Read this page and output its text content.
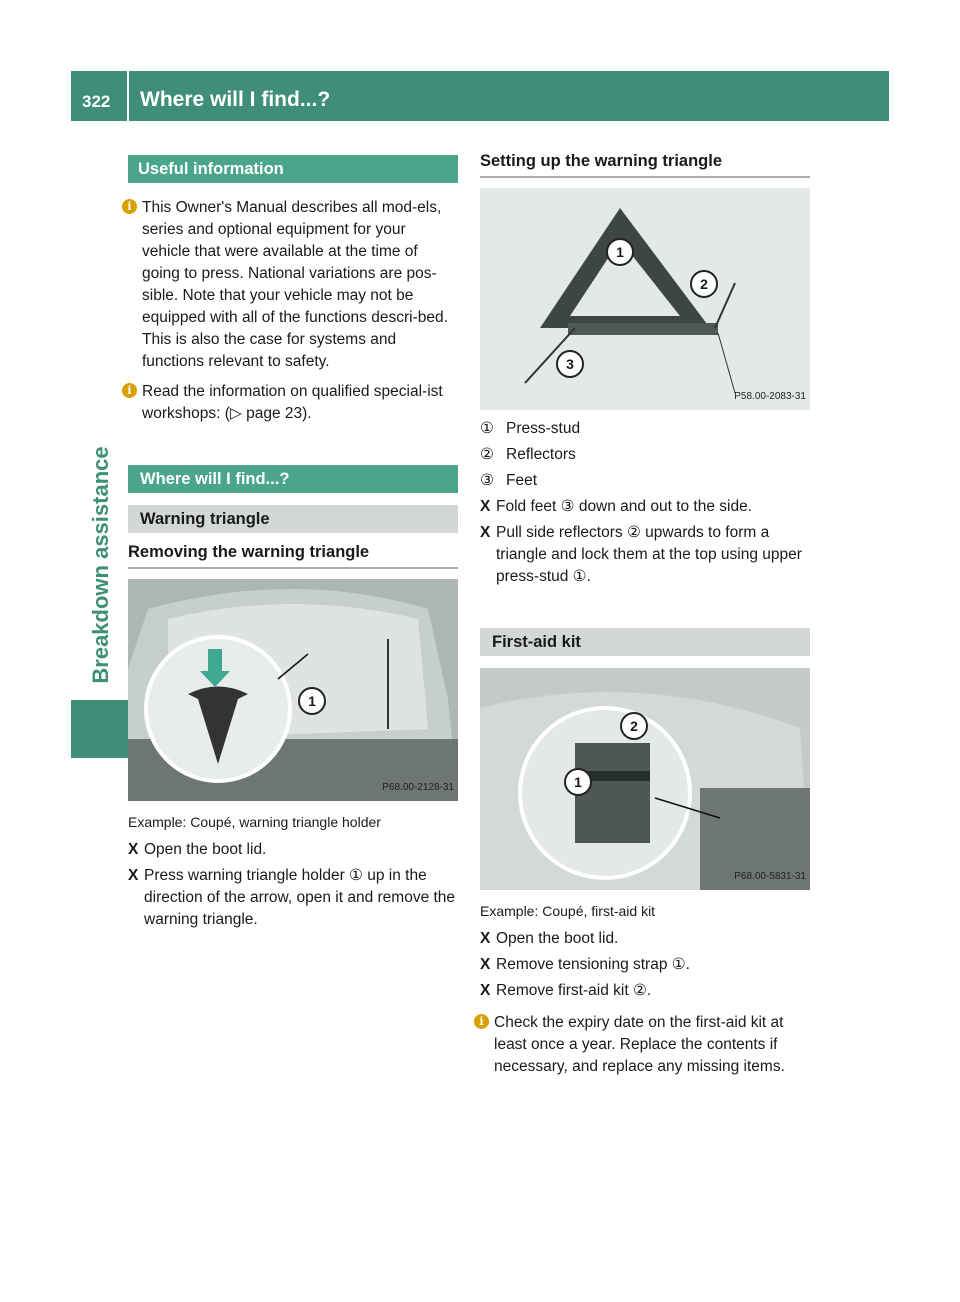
322 Where will I find...?
Breakdown assistance
Useful information

i This Owner's Manual describes all mod-els, series and optional equipment for your vehicle that were available at the time of going to press. National variations are pos-sible. Note that your vehicle may not be equipped with all of the functions descri-bed. This is also the case for systems and functions relevant to safety.

i Read the information on qualified special-ist workshops: (▷ page 23).

Where will I find...?
Warning triangle
Removing the warning triangle
1
P68.00-2128-31

Example: Coupé, warning triangle holder

X Open the boot lid.

X Press warning triangle holder ① up in the direction of the arrow, open it and remove the warning triangle.

Setting up the warning triangle
1
2
3
P58.00-2083-31

① Press-stud

② Reflectors

③ Feet

X Fold feet ③ down and out to the side.

X Pull side reflectors ② upwards to form a triangle and lock them at the top using upper press-stud ①.

First-aid kit
2
1
P68.00-5831-31

Example: Coupé, first-aid kit

X Open the boot lid.

X Remove tensioning strap ①.

X Remove first-aid kit ②.

i Check the expiry date on the first-aid kit at least once a year. Replace the contents if necessary, and replace any missing items.
